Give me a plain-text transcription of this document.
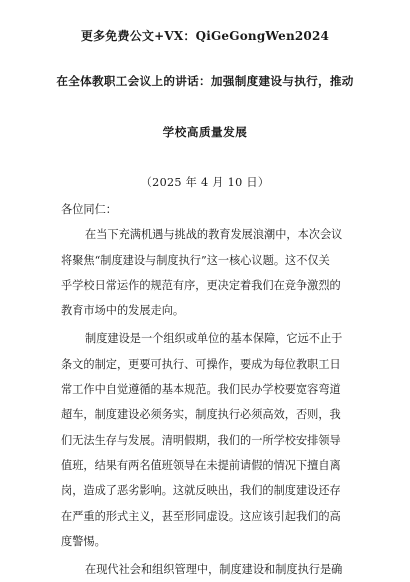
更多免费公文+VX：QiGeGongWen2024
在全体教职工会议上的讲话：加强制度建设与执行，推动
学校高质量发展
（2025 年 4 月 10 日）
各位同仁：
在当下充满机遇与挑战的教育发展浪潮中，本次会议
将聚焦“制度建设与制度执行”这一核心议题。这不仅关
乎学校日常运作的规范有序，更决定着我们在竞争激烈的
教育市场中的发展走向。
制度建设是一个组织或单位的基本保障，它远不止于
条文的制定，更要可执行、可操作，要成为每位教职工日
常工作中自觉遵循的基本规范。我们民办学校要宽容弯道
超车，制度建设必须务实，制度执行必须高效，否则，我
们无法生存与发展。清明假期，我们的一所学校安排领导
值班，结果有两名值班领导在未提前请假的情况下擅自离
岗，造成了恶劣影响。这就反映出，我们的制度建设还存
在严重的形式主义，甚至形同虚设。这应该引起我们的高
度警惕。
在现代社会和组织管理中，制度建设和制度执行是确
